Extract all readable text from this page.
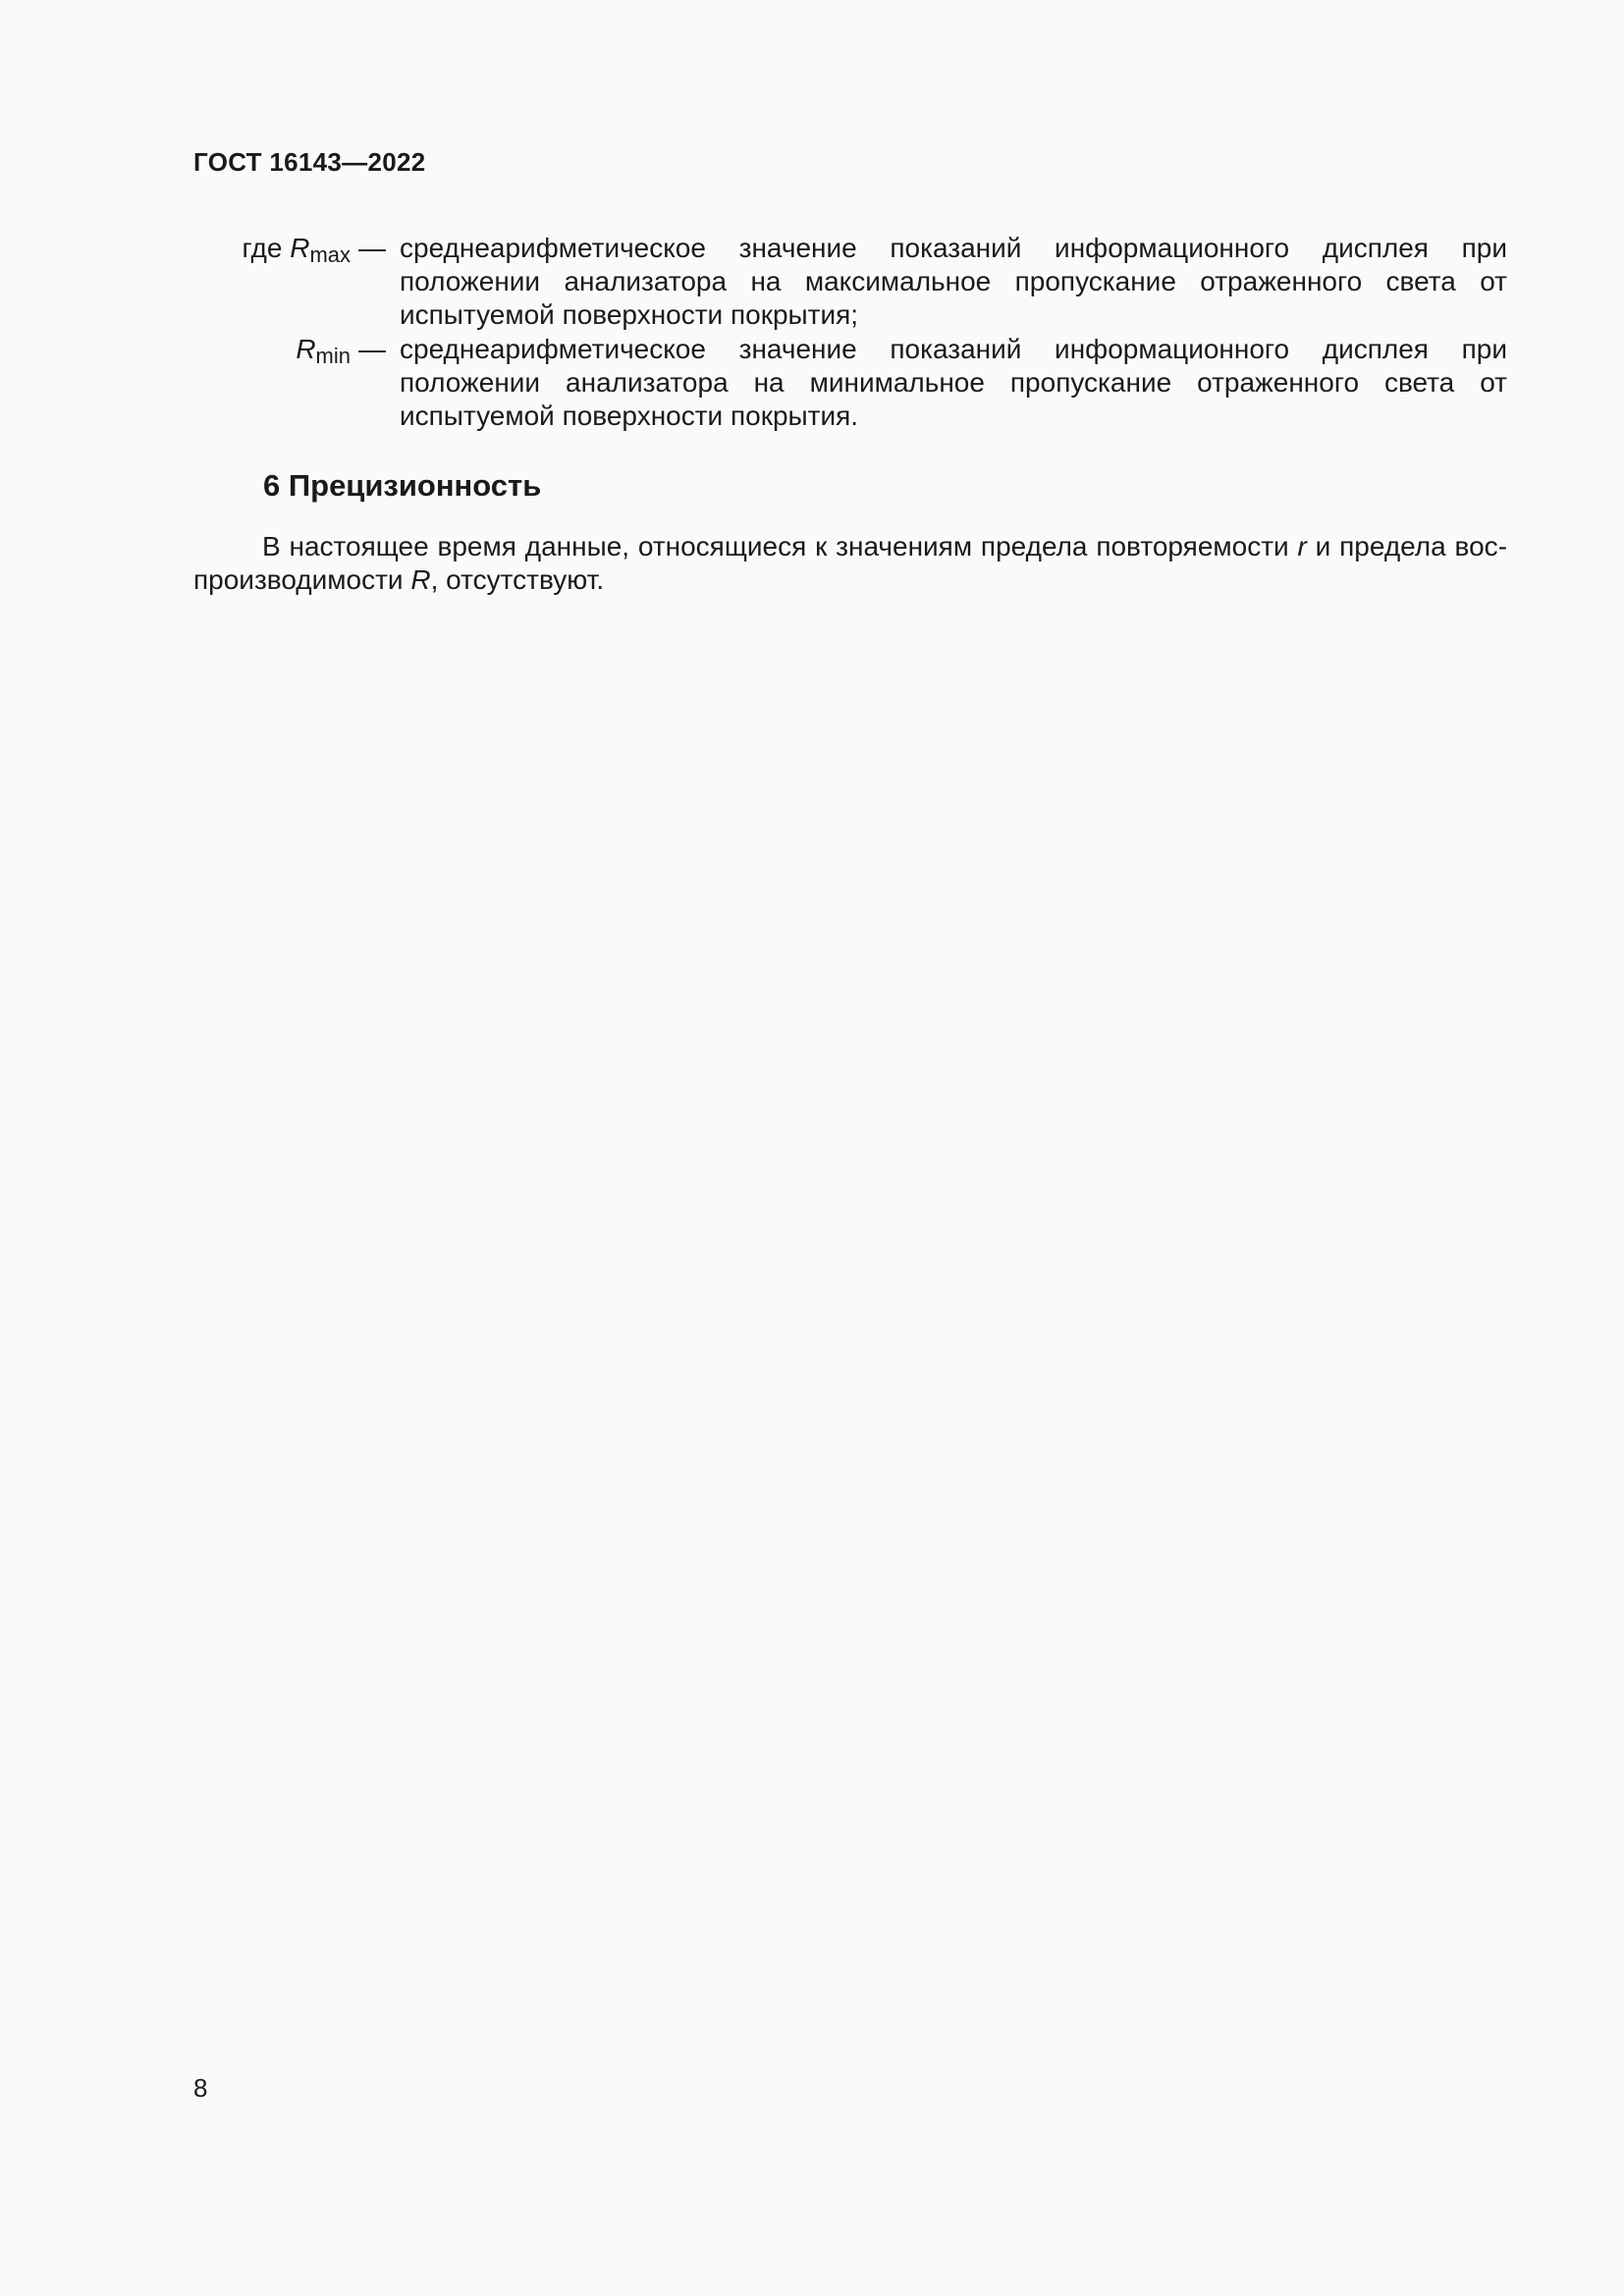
ГОСТ 16143—2022
где $R_{max}$ — среднеарифметическое значение показаний информационного дисплея при положении анализатора на максимальное пропускание отраженного света от испытуемой поверхности покрытия;
$R_{min}$ — среднеарифметическое значение показаний информационного дисплея при положении анализатора на минимальное пропускание отраженного света от испытуемой поверхности покрытия.
6 Прецизионность

В настоящее время данные, относящиеся к значениям предела повторяемости r и предела воспроизводимости R, отсутствуют.

8
